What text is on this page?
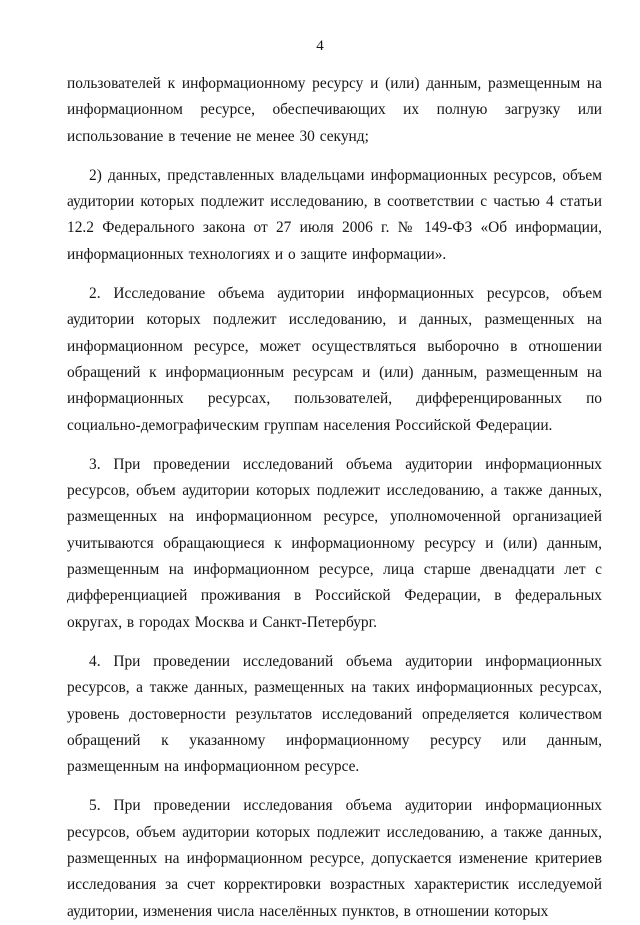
4

пользователей к информационному ресурсу и (или) данным, размещенным на информационном ресурсе, обеспечивающих их полную загрузку или использование в течение не менее 30 секунд;

2) данных, представленных владельцами информационных ресурсов, объем аудитории которых подлежит исследованию, в соответствии с частью 4 статьи 12.2 Федерального закона от 27 июля 2006 г. № 149-ФЗ «Об информации, информационных технологиях и о защите информации».

2. Исследование объема аудитории информационных ресурсов, объем аудитории которых подлежит исследованию, и данных, размещенных на информационном ресурсе, может осуществляться выборочно в отношении обращений к информационным ресурсам и (или) данным, размещенным на информационных ресурсах, пользователей, дифференцированных по социально-демографическим группам населения Российской Федерации.

3. При проведении исследований объема аудитории информационных ресурсов, объем аудитории которых подлежит исследованию, а также данных, размещенных на информационном ресурсе, уполномоченной организацией учитываются обращающиеся к информационному ресурсу и (или) данным, размещенным на информационном ресурсе, лица старше двенадцати лет с дифференциацией проживания в Российской Федерации, в федеральных округах, в городах Москва и Санкт-Петербург.

4. При проведении исследований объема аудитории информационных ресурсов, а также данных, размещенных на таких информационных ресурсах, уровень достоверности результатов исследований определяется количеством обращений к указанному информационному ресурсу или данным, размещенным на информационном ресурсе.

5. При проведении исследования объема аудитории информационных ресурсов, объем аудитории которых подлежит исследованию, а также данных, размещенных на информационном ресурсе, допускается изменение критериев исследования за счет корректировки возрастных характеристик исследуемой аудитории, изменения числа населённых пунктов, в отношении которых
